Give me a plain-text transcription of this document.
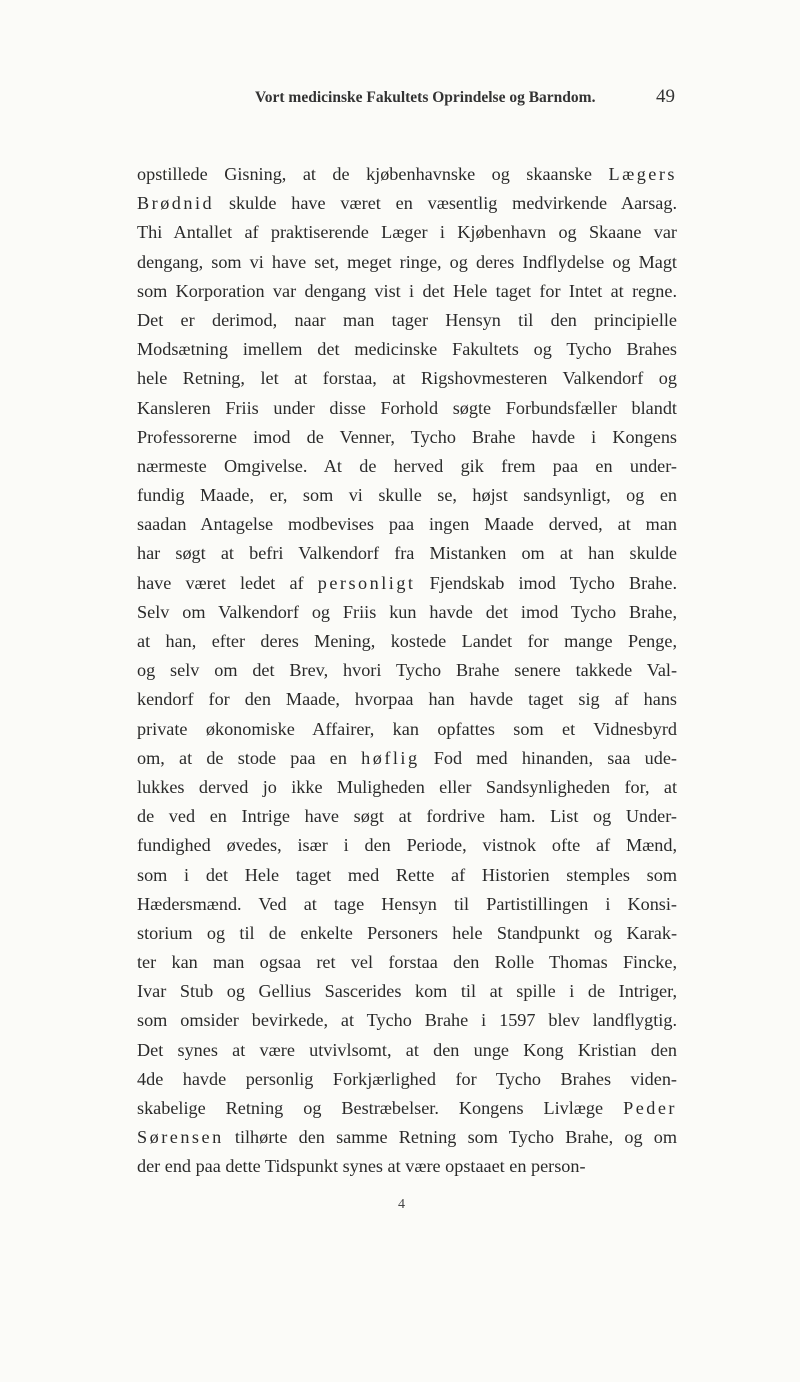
Vort medicinske Fakultets Oprindelse og Barndom.	49
opstillede Gisning, at de kjøbenhavnske og skaanske Lægers
Brødnid skulde have været en væsentlig medvirkende Aarsag.
Thi Antallet af praktiserende Læger i Kjøbenhavn og Skaane var
dengang, som vi have set, meget ringe, og deres Indflydelse og Magt
som Korporation var dengang vist i det Hele taget for Intet at regne.
Det er derimod, naar man tager Hensyn til den principielle
Modsætning imellem det medicinske Fakultets og Tycho Brahes
hele Retning, let at forstaa, at Rigshovmesteren Valkendorf og
Kansleren Friis under disse Forhold søgte Forbundsfæller blandt
Professorerne imod de Venner, Tycho Brahe havde i Kongens
nærmeste Omgivelse. At de herved gik frem paa en under-
fundig Maade, er, som vi skulle se, højst sandsynligt, og en
saadan Antagelse modbevises paa ingen Maade derved, at man
har søgt at befri Valkendorf fra Mistanken om at han skulde
have været ledet af personligt Fjendskab imod Tycho Brahe.
Selv om Valkendorf og Friis kun havde det imod Tycho Brahe,
at han, efter deres Mening, kostede Landet for mange Penge,
og selv om det Brev, hvori Tycho Brahe senere takkede Val-
kendorf for den Maade, hvorpaa han havde taget sig af hans
private økonomiske Affairer, kan opfattes som et Vidnesbyrd
om, at de stode paa en høflig Fod med hinanden, saa ude-
lukkes derved jo ikke Muligheden eller Sandsynligheden for, at
de ved en Intrige have søgt at fordrive ham. List og Under-
fundighed øvedes, især i den Periode, vistnok ofte af Mænd,
som i det Hele taget med Rette af Historien stemples som
Hædersmænd. Ved at tage Hensyn til Partistillingen i Konsi-
storium og til de enkelte Personers hele Standpunkt og Karak-
ter kan man ogsaa ret vel forstaa den Rolle Thomas Fincke,
Ivar Stub og Gellius Sascerides kom til at spille i de Intriger,
som omsider bevirkede, at Tycho Brahe i 1597 blev landflygtig.
Det synes at være utvivlsomt, at den unge Kong Kristian den
4de havde personlig Forkjærlighed for Tycho Brahes viden-
skabelige Retning og Bestræbelser. Kongens Livlæge Peder
Sørensen tilhørte den samme Retning som Tycho Brahe, og om
der end paa dette Tidspunkt synes at være opstaaet en person-
4
